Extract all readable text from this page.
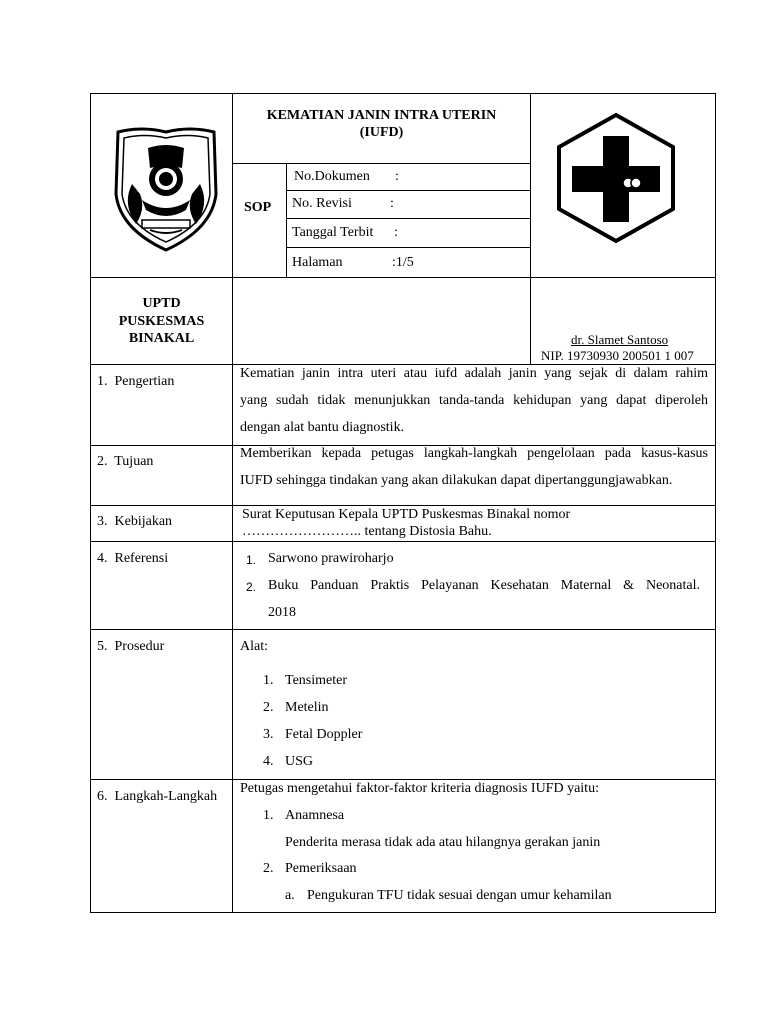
KEMATIAN JANIN INTRA UTERIN
(IUFD)
SOP
No.Dokumen :
No. Revisi	:
Tanggal Terbit :
Halaman	:1/5
UPTD
PUSKESMAS
BINAKAL	dr. Slamet Santoso
NIP. 19730930 200501 1 007
1.  Pengertian
Kematian janin intra uteri atau iufd adalah janin yang sejak di dalam rahim
yang sudah tidak menunjukkan tanda-tanda kehidupan yang dapat diperoleh
dengan alat bantu diagnostik.
2.  Tujuan
Memberikan kepada petugas langkah-langkah pengelolaan pada kasus-kasus
IUFD sehingga tindakan yang akan dilakukan dapat dipertanggungjawabkan.
3.  Kebijakan	Surat Keputusan Kepala UPTD Puskesmas Binakal nomor
…………………….. tentang Distosia Bahu.
4.  Referensi	1. Sarwono prawiroharjo
2. Buku Panduan Praktis Pelayanan Kesehatan Maternal & Neonatal.
2018
5.  Prosedur	Alat:
1. Tensimeter
2. Metelin
3. Fetal Doppler
4. USG
6.  Langkah-Langkah
Petugas mengetahui faktor-faktor kriteria diagnosis IUFD yaitu:
1. Anamnesa
Penderita merasa tidak ada atau hilangnya gerakan janin
2. Pemeriksaan
a. Pengukuran TFU tidak sesuai dengan umur kehamilan
